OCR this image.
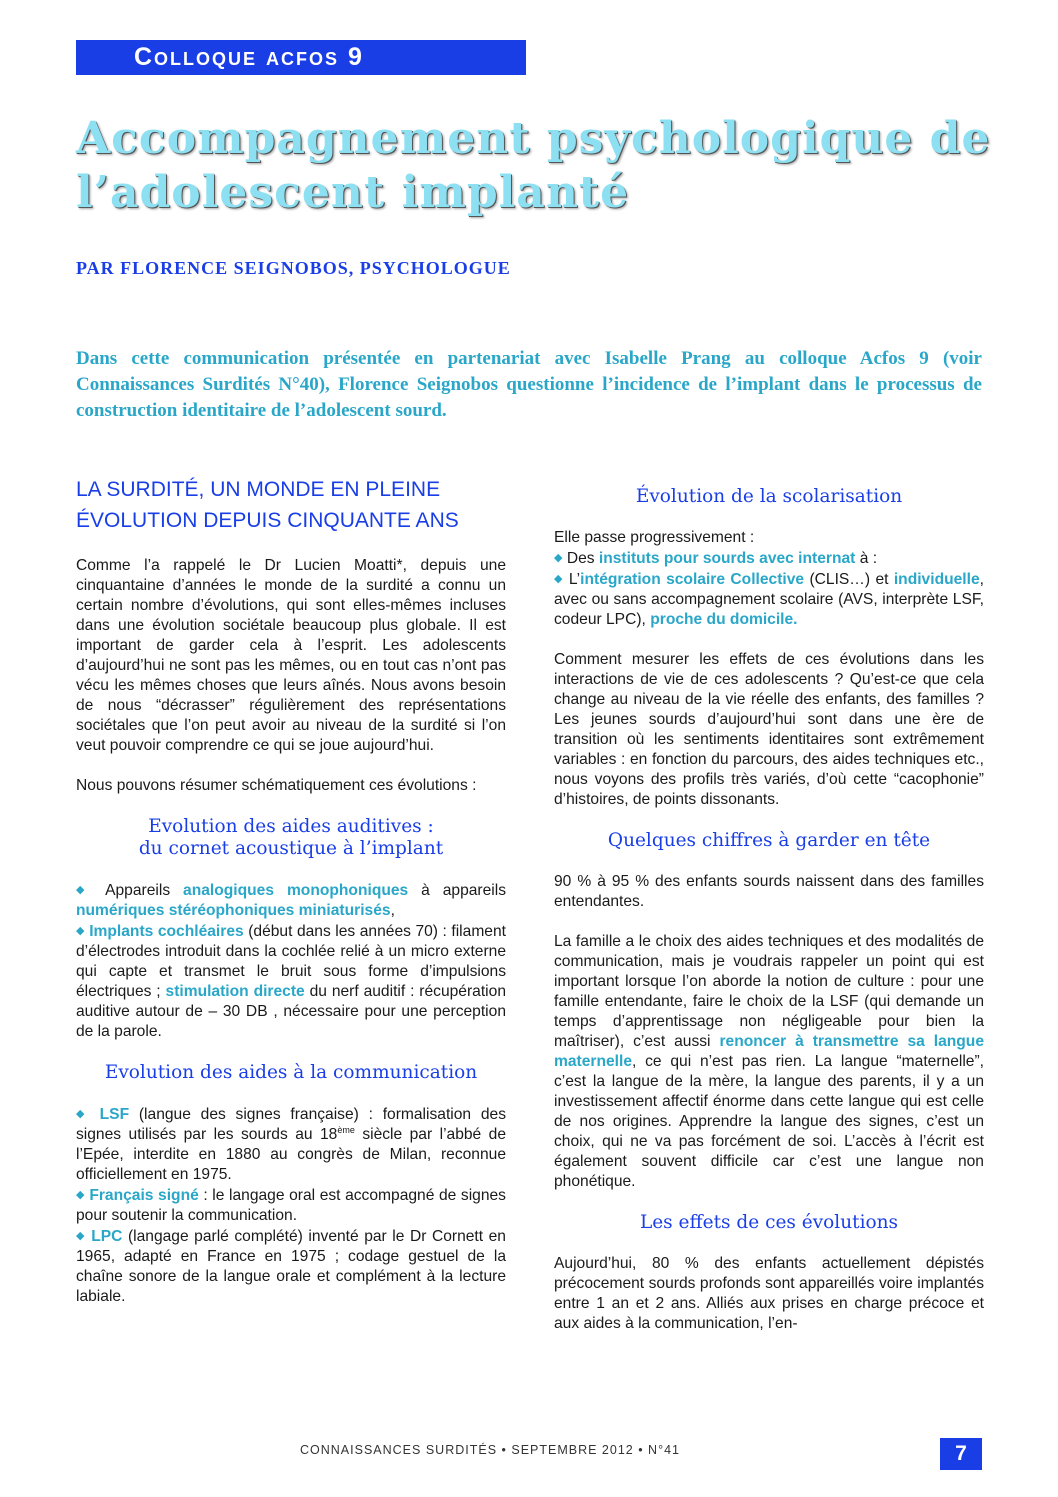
Colloque acfos 9
Accompagnement psychologique de l’adolescent implanté
PAR FLORENCE SEIGNOBOS, PSYCHOLOGUE

Dans cette communication présentée en partenariat avec Isabelle Prang au colloque Acfos 9 (voir Connaissances Surdités N°40), Florence Seignobos questionne l’incidence de l’implant dans le processus de construction identitaire de l’adolescent sourd.

LA SURDITÉ, UN MONDE EN PLEINE ÉVOLUTION DEPUIS CINQUANTE ANS

Comme l’a rappelé le Dr Lucien Moatti*, depuis une cinquantaine d’années le monde de la surdité a connu un certain nombre d’évolutions, qui sont elles-mêmes incluses dans une évolution sociétale beaucoup plus globale. Il est important de garder cela à l’esprit. Les adolescents d’aujourd’hui ne sont pas les mêmes, ou en tout cas n’ont pas vécu les mêmes choses que leurs aînés. Nous avons besoin de nous “décrasser” régulièrement des représentations sociétales que l’on peut avoir au niveau de la surdité si l’on veut pouvoir comprendre ce qui se joue aujourd’hui.

Nous pouvons résumer schématiquement ces évolutions :

Evolution des aides auditives :
du cornet acoustique à l’implant

◆ Appareils analogiques monophoniques à appareils numériques stéréophoniques miniaturisés,

◆ Implants cochléaires (début dans les années 70) : filament d’électrodes introduit dans la cochlée relié à un micro externe qui capte et transmet le bruit sous forme d’impulsions électriques ; stimulation directe du nerf auditif : récupération auditive autour de – 30 DB , nécessaire pour une perception de la parole.

Evolution des aides à la communication

◆ LSF (langue des signes française) : formalisation des signes utilisés par les sourds au 18ème siècle par l’abbé de l’Epée, interdite en 1880 au congrès de Milan, reconnue officiellement en 1975.

◆ Français signé : le langage oral est accompagné de signes pour soutenir la communication.

◆ LPC (langage parlé complété) inventé par le Dr Cornett en 1965, adapté en France en 1975 ; codage gestuel de la chaîne sonore de la langue orale et complément à la lecture labiale.

Évolution de la scolarisation

Elle passe progressivement :

◆ Des instituts pour sourds avec internat à :

◆ L’intégration scolaire Collective (CLIS…) et individuelle, avec ou sans accompagnement scolaire (AVS, interprète LSF, codeur LPC), proche du domicile.

Comment mesurer les effets de ces évolutions dans les interactions de vie de ces adolescents ? Qu’est-ce que cela change au niveau de la vie réelle des enfants, des familles ? Les jeunes sourds d’aujourd’hui sont dans une ère de transition où les sentiments identitaires sont extrêmement variables : en fonction du parcours, des aides techniques etc., nous voyons des profils très variés, d’où cette “cacophonie” d’histoires, de points dissonants.

Quelques chiffres à garder en tête

90 % à 95 % des enfants sourds naissent dans des familles entendantes.

La famille a le choix des aides techniques et des modalités de communication, mais je voudrais rappeler un point qui est important lorsque l’on aborde la notion de culture : pour une famille entendante, faire le choix de la LSF (qui demande un temps d’apprentissage non négligeable pour bien la maîtriser), c’est aussi renoncer à transmettre sa langue maternelle, ce qui n’est pas rien. La langue “maternelle”, c’est la langue de la mère, la langue des parents, il y a un investissement affectif énorme dans cette langue qui est celle de nos origines. Apprendre la langue des signes, c’est un choix, qui ne va pas forcément de soi. L’accès à l’écrit est également souvent difficile car c’est une langue non phonétique.

Les effets de ces évolutions

Aujourd’hui, 80 % des enfants actuellement dépistés précocement sourds profonds sont appareillés voire implantés entre 1 an et 2 ans. Alliés aux prises en charge précoce et aux aides à la communication, l’en-

CONNAISSANCES SURDITÉS • SEPTEMBRE 2012 • N°41	7
